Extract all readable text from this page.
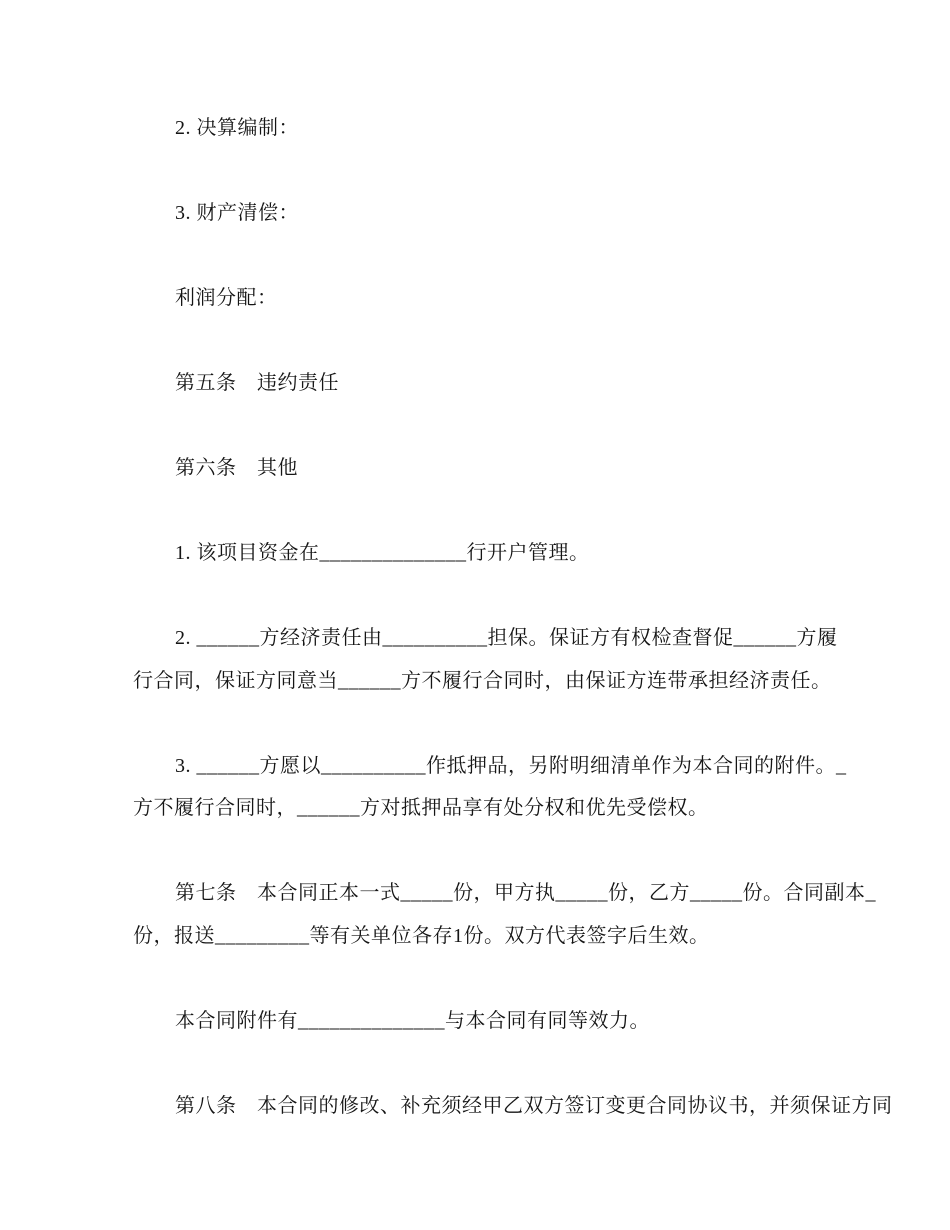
2. 决算编制：
3. 财产清偿：
利润分配：
第五条　违约责任
第六条　其他
1. 该项目资金在______________行开户管理。
2. ______方经济责任由__________担保。保证方有权检查督促______方履
行合同，保证方同意当______方不履行合同时，由保证方连带承担经济责任。
3. ______方愿以__________作抵押品，另附明细清单作为本合同的附件。_
方不履行合同时，______方对抵押品享有处分权和优先受偿权。
第七条　本合同正本一式_____份，甲方执_____份，乙方_____份。合同副本_
份，报送_________等有关单位各存1份。双方代表签字后生效。
本合同附件有______________与本合同有同等效力。
第八条　本合同的修改、补充须经甲乙双方签订变更合同协议书，并须保证方同
